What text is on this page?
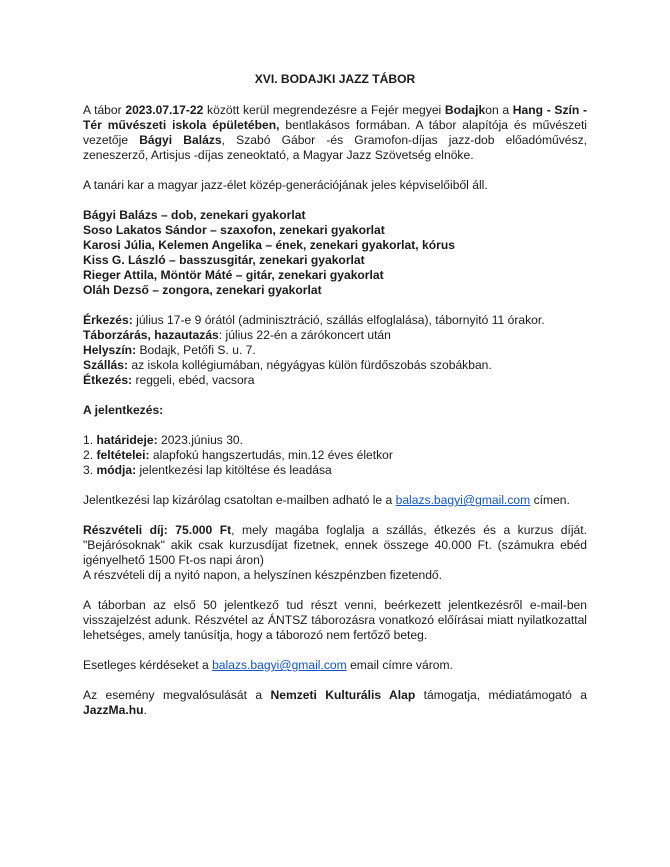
XVI. BODAJKI JAZZ TÁBOR

A tábor 2023.07.17-22 között kerül megrendezésre a Fejér megyei Bodajkon a Hang - Szín - Tér művészeti iskola épületében, bentlakásos formában. A tábor alapítója és művészeti vezetője Bágyi Balázs, Szabó Gábor -és Gramofon-díjas jazz-dob előadóművész, zeneszerző, Artisjus -díjas zeneoktató, a Magyar Jazz Szövetség elnöke.

A tanári kar a magyar jazz-élet közép-generációjának jeles képviselőiből áll.

Bágyi Balázs – dob, zenekari gyakorlat
Soso Lakatos Sándor – szaxofon, zenekari gyakorlat
Karosi Júlia, Kelemen Angelika – ének, zenekari gyakorlat, kórus
Kiss G. László – basszusgitár, zenekari gyakorlat
Rieger Attila, Möntör Máté – gitár, zenekari gyakorlat
Oláh Dezső – zongora, zenekari gyakorlat
Érkezés: július 17-e 9 órától (adminisztráció, szállás elfoglalása), tábornyitó 11 órakor.
Táborzárás, hazautazás: július 22-én a zárókoncert után
Helyszín: Bodajk, Petőfi S. u. 7.
Szállás: az iskola kollégiumában, négyágyas külön fürdőszobás szobákban.
Étkezés: reggeli, ebéd, vacsora
A jelentkezés:
1. határideje: 2023.június 30.
2. feltételei: alapfokú hangszertudás, min.12 éves életkor
3. módja: jelentkezési lap kitöltése és leadása

Jelentkezési lap kizárólag csatoltan e-mailben adható le a balazs.bagyi@gmail.com címen.

Részvételi díj: 75.000 Ft, mely magába foglalja a szállás, étkezés és a kurzus díját. "Bejárósoknak" akik csak kurzusdíjat fizetnek, ennek összege 40.000 Ft. (számukra ebéd igényelhető 1500 Ft-os napi áron)
A részvételi díj a nyitó napon, a helyszínen készpénzben fizetendő.

A táborban az első 50 jelentkező tud részt venni, beérkezett jelentkezésről e-mail-ben visszajelzést adunk. Részvétel az ÁNTSZ táborozásra vonatkozó előírásai miatt nyilatkozattal lehetséges, amely tanúsítja, hogy a táborozó nem fertőző beteg.

Esetleges kérdéseket a balazs.bagyi@gmail.com email címre várom.

Az esemény megvalósulását a Nemzeti Kulturális Alap támogatja, médiatámogató a JazzMa.hu.
